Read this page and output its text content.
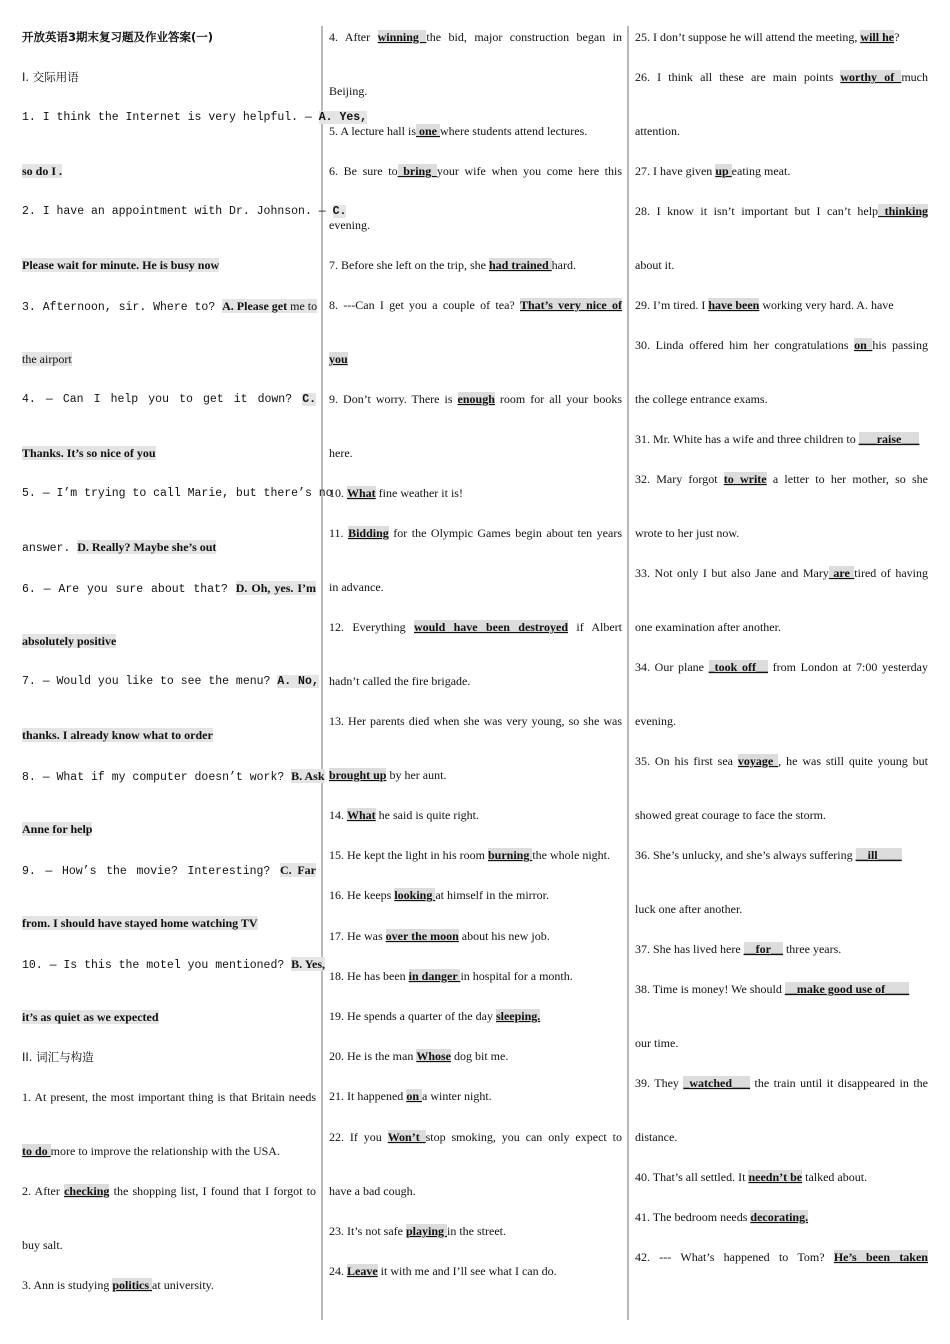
开放英语3期末复习题及作业答案(一)
I. 交际用语
1. I think the Internet is very helpful. — A. Yes,
so do I .
2. I have an appointment with Dr. Johnson. — C.
Please wait for minute. He is busy now
3. Afternoon, sir. Where to? A. Please get me to
the airport
4. — Can I help you to get it down? C.
Thanks. It’s so nice of you
5. — I’m trying to call Marie, but there’s no
answer. D. Really? Maybe she’s out
6. — Are you sure about that? D. Oh, yes. I’m
absolutely positive
7. — Would you like to see the menu? A. No,
thanks. I already know what to order
8. — What if my computer doesn’t work? B. Ask
Anne for help
9. — How’s the movie? Interesting? C. Far
from. I should have stayed home watching TV
10. — Is this the motel you mentioned? B. Yes,
it’s as quiet as we expected
II. 词汇与构造
1. At present, the most important thing is that Britain needs
to do more to improve the relationship with the USA.
2. After checking the shopping list, I found that I forgot to
buy salt.
3. Ann is studying politics at university.
4. After winning the bid, major construction began in
Beijing.
5. A lecture hall is one where students attend lectures.
6. Be sure to bring your wife when you come here this
evening.
7. Before she left on the trip, she had trained hard.
8. ---Can I get you a couple of tea? That’s very nice of
you
9. Don’t worry. There is enough room for all your books
here.
10. What fine weather it is!
11. Bidding for the Olympic Games begin about ten years
in advance.
12. Everything would have been destroyed if Albert
hadn’t called the fire brigade.
13. Her parents died when she was very young, so she was
brought up by her aunt.
14. What he said is quite right.
15. He kept the light in his room burning the whole night.
16. He keeps looking at himself in the mirror.
17. He was over the moon about his new job.
18. He has been in danger in hospital for a month.
19. He spends a quarter of the day sleeping.
20. He is the man Whose dog bit me.
21. It happened on a winter night.
22. If you Won’t stop smoking, you can only expect to
have a bad cough.
23. It’s not safe playing in the street.
24. Leave it with me and I’ll see what I can do.
25. I don’t suppose he will attend the meeting, will he?
26. I think all these are main points worthy of much
attention.
27. I have given up eating meat.
28. I know it isn’t important but I can’t help thinking
about it.
29. I’m tired. I have been working very hard. A. have
30. Linda offered him her congratulations on his passing
the college entrance exams.
31. Mr. White has a wife and three children to ___raise___
32. Mary forgot to write a letter to her mother, so she
wrote to her just now.
33. Not only I but also Jane and Mary are tired of having
one examination after another.
34. Our plane _took off__ from London at 7:00 yesterday
evening.
35. On his first sea voyage , he was still quite young but
showed great courage to face the storm.
36. She’s unlucky, and she’s always suffering __ill____
luck one after another.
37. She has lived here __for__ three years.
38. Time is money! We should __make good use of____
our time.
39. They _watched___ the train until it disappeared in the
distance.
40. That’s all settled. It needn’t be talked about.
41. The bedroom needs decorating.
42. --- What’s happened to Tom? He’s been taken
